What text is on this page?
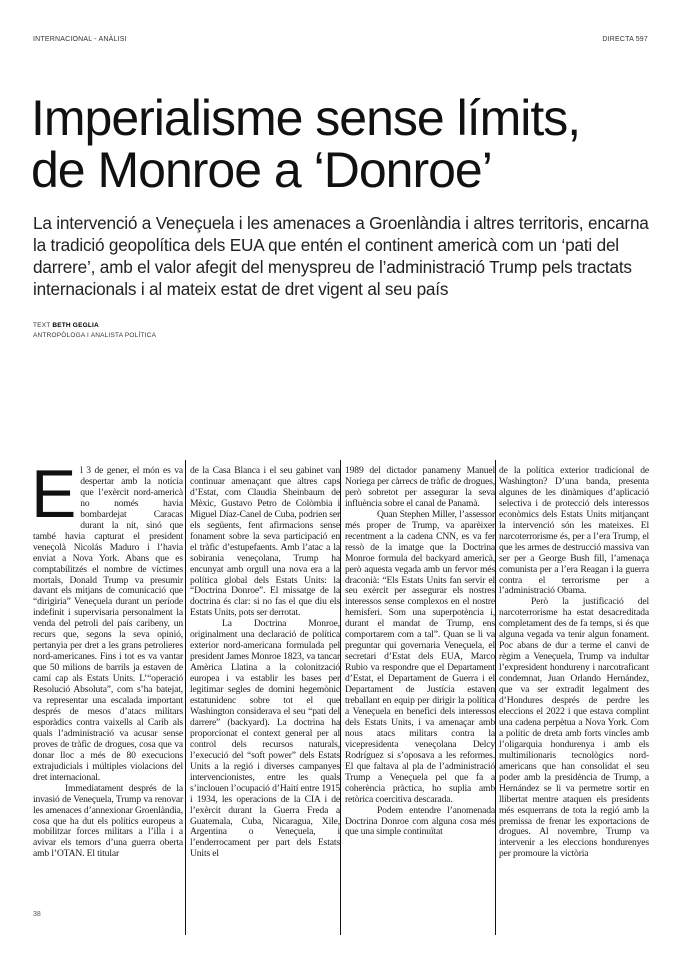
INTERNACIONAL - ANÀLISI	DIRECTA 597
Imperialisme sense límits,
de Monroe a ‘Donroe’

La intervenció a Veneçuela i les amenaces a Groenlàndia i altres territoris, encarna la tradició geopolítica dels EUA que entén el continent americà com un ‘pati del darrere’, amb el valor afegit del menyspreu de l’administració Trump pels tractats internacionals i al mateix estat de dret vigent al seu país

TEXT BETH GEGLIA
ANTROPÒLOGA I ANALISTA POLÍTICA

El 3 de gener, el món es va despertar amb la notícia que l’exèrcit nord-americà no només havia bombardejat Caracas durant la nit, sinó que també havia capturat el president veneçolà Nicolás Maduro i l’havia enviat a Nova York. Abans que es comptabilitzés el nombre de víctimes mortals, Donald Trump va presumir davant els mitjans de comunicació que “dirigiria” Veneçuela durant un període indefinit i supervisaria personalment la venda del petroli del país caribeny, un recurs que, segons la seva opinió, pertanyia per dret a les grans petrolieres nord-americanes. Fins i tot es va vantar que 50 milions de barrils ja estaven de camí cap als Estats Units. L’“operació Resolució Absoluta”, com s’ha batejat, va representar una escalada important després de mesos d’atacs militars esporàdics contra vaixells al Carib als quals l’administració va acusar sense proves de tràfic de drogues, cosa que va donar lloc a més de 80 execucions extrajudicials i múltiples violacions del dret internacional.

Immediatament després de la invasió de Veneçuela, Trump va renovar les amenaces d’annexionar Groenlàndia, cosa que ha dut els polítics europeus a mobilitzar forces militars a l’illa i a avivar els temors d’una guerra oberta amb l’OTAN. El titular

de la Casa Blanca i el seu gabinet van continuar amenaçant que altres caps d’Estat, com Claudia Sheinbaum de Mèxic, Gustavo Petro de Colòmbia i Miguel Díaz-Canel de Cuba, podrien ser els següents, fent afirmacions sense fonament sobre la seva participació en el tràfic d’estupefaents. Amb l’atac a la sobirania veneçolana, Trump ha encunyat amb orgull una nova era a la política global dels Estats Units: la “Doctrina Donroe”. El missatge de la doctrina és clar: si no fas el que diu els Estats Units, pots ser derrotat.

La Doctrina Monroe, originalment una declaració de política exterior nord-americana formulada pel president James Monroe 1823, va tancar Amèrica Llatina a la colonització europea i va establir les bases per legitimar segles de domini hegemònic estatunidenc sobre tot el que Washington considerava el seu “pati del darrere” (backyard). La doctrina ha proporcionat el context general per al control dels recursos naturals, l’execució del “soft power” dels Estats Units a la regió i diverses campanyes intervencionistes, entre les quals s’inclouen l’ocupació d’Haití entre 1915 i 1934, les operacions de la CIA i de l’exèrcit durant la Guerra Freda a Guatemala, Cuba, Nicaragua, Xile, Argentina o Veneçuela, i l’enderrocament per part dels Estats Units el

1989 del dictador panameny Manuel Noriega per càrrecs de tràfic de drogues, però sobretot per assegurar la seva influència sobre el canal de Panamà.

Quan Stephen Miller, l’assessor més proper de Trump, va aparèixer recentment a la cadena CNN, es va fer ressò de la imatge que la Doctrina Monroe formula del backyard americà, però aquesta vegada amb un fervor més draconià: “Els Estats Units fan servir el seu exèrcit per assegurar els nostres interessos sense complexos en el nostre hemisferi. Som una superpotència i, durant el mandat de Trump, ens comportarem com a tal”. Quan se li va preguntar qui governaria Veneçuela, el secretari d’Estat dels EUA, Marco Rubio va respondre que el Departament d’Estat, el Departament de Guerra i el Departament de Justícia estaven treballant en equip per dirigir la política a Veneçuela en benefici dels interessos dels Estats Units, i va amenaçar amb nous atacs militars contra la vicepresidenta veneçolana Delcy Rodríguez si s’oposava a les reformes. El que faltava al pla de l’administració Trump a Veneçuela pel que fa a coherència pràctica, ho suplia amb retòrica coercitiva descarada.

Podem entendre l’anomenada Doctrina Donroe com alguna cosa més que una simple continuïtat

de la política exterior tradicional de Washington? D’una banda, presenta algunes de les dinàmiques d’aplicació selectiva i de protecció dels interessos econòmics dels Estats Units mitjançant la intervenció són les mateixes. El narcoterrorisme és, per a l’era Trump, el que les armes de destrucció massiva van ser per a George Bush fill, l’amenaça comunista per a l’era Reagan i la guerra contra el terrorisme per a l’administració Obama.

Però la justificació del narcoterrorisme ha estat desacreditada completament des de fa temps, si és que alguna vegada va tenir algun fonament. Poc abans de dur a terme el canvi de règim a Veneçuela, Trump va indultar l’expresident hondureny i narcotraficant condemnat, Juan Orlando Hernández, que va ser extradit legalment des d’Hondures després de perdre les eleccions el 2022 i que estava complint una cadena perpètua a Nova York. Com a polític de dreta amb forts vincles amb l’oligarquia hondurenya i amb els multimilionaris tecnològics nord-americans que han consolidat el seu poder amb la presidència de Trump, a Hernández se li va permetre sortir en llibertat mentre ataquen els presidents més esquerrans de tota la regió amb la premissa de frenar les exportacions de drogues. Al novembre, Trump va intervenir a les eleccions hondurenyes per promoure la victòria

38
